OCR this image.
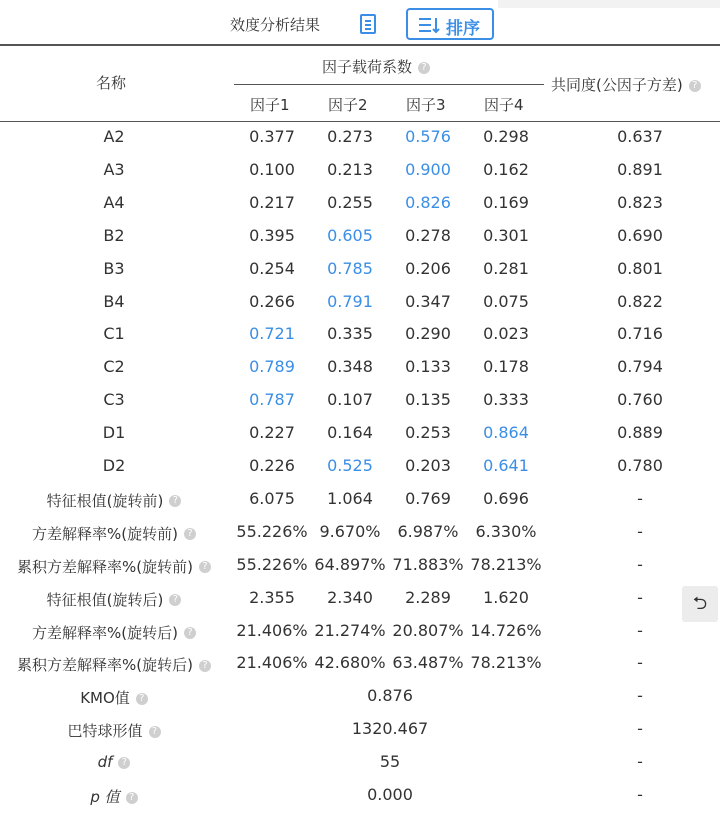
效度分析结果	排序
名称
因子载荷系数 ?
共同度(公因子方差) ?
因子1	因子2	因子3	因子4
A2	0.377	0.273	0.576	0.298	0.637
A3	0.100	0.213	0.900	0.162	0.891
A4	0.217	0.255	0.826	0.169	0.823
B2	0.395	0.605	0.278	0.301	0.690
B3	0.254	0.785	0.206	0.281	0.801
B4	0.266	0.791	0.347	0.075	0.822
C1	0.721	0.335	0.290	0.023	0.716
C2	0.789	0.348	0.133	0.178	0.794
C3	0.787	0.107	0.135	0.333	0.760
D1	0.227	0.164	0.253	0.864	0.889
D2	0.226	0.525	0.203	0.641	0.780
特征根值(旋转前) ?	6.075	1.064	0.769	0.696	-
方差解释率%(旋转前) ?	55.226% 9.670%	6.987%	6.330%	-
累积方差解释率%(旋转前) ?	55.226% 64.897% 71.883% 78.213%	-
特征根值(旋转后) ?	2.355	2.340	2.289	1.620	-
方差解释率%(旋转后) ?	21.406% 21.274% 20.807% 14.726%	-
累积方差解释率%(旋转后) ?	21.406% 42.680% 63.487% 78.213%	-
KMO值 ?	0.876	-
巴特球形值 ?	1320.467	-
df ?	55	-
p 值 ?	0.000	-
⮌
